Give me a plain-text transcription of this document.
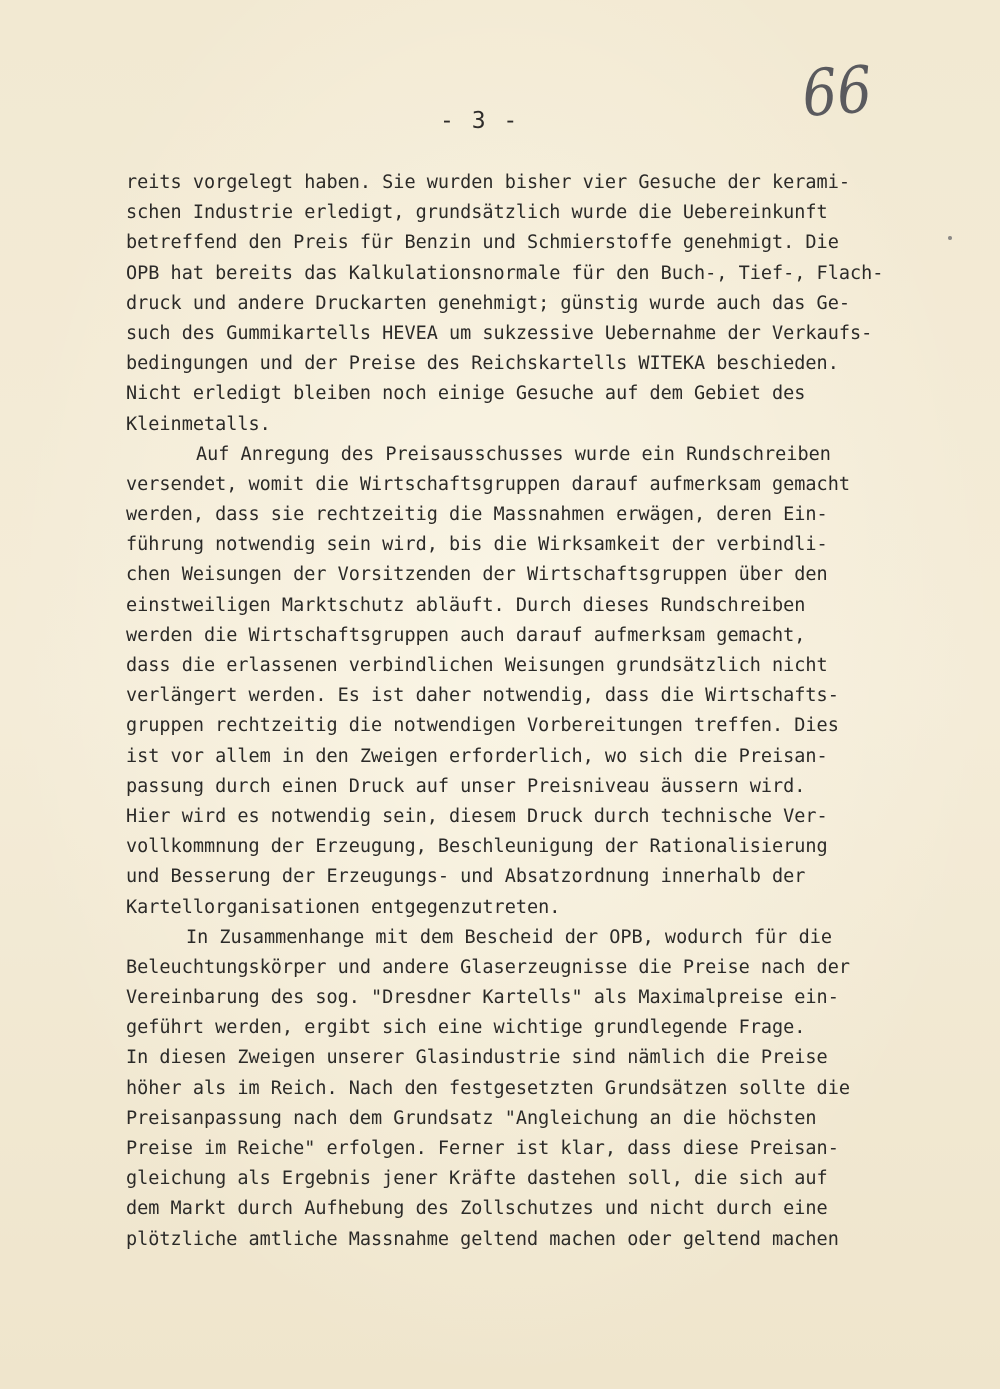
- 3 -	66
reits vorgelegt haben. Sie wurden bisher vier Gesuche der kerami-
schen Industrie erledigt, grundsätzlich wurde die Uebereinkunft
betreffend den Preis für Benzin und Schmierstoffe genehmigt. Die
OPB hat bereits das Kalkulationsnormale für den Buch-, Tief-, Flach-
druck und andere Druckarten genehmigt; günstig wurde auch das Ge-
such des Gummikartells HEVEA um sukzessive Uebernahme der Verkaufs-
bedingungen und der Preise des Reichskartells WITEKA beschieden.
Nicht erledigt bleiben noch einige Gesuche auf dem Gebiet des
Kleinmetalls.
Auf Anregung des Preisausschusses wurde ein Rundschreiben
versendet, womit die Wirtschaftsgruppen darauf aufmerksam gemacht
werden, dass sie rechtzeitig die Massnahmen erwägen, deren Ein-
führung notwendig sein wird, bis die Wirksamkeit der verbindli-
chen Weisungen der Vorsitzenden der Wirtschaftsgruppen über den
einstweiligen Marktschutz abläuft. Durch dieses Rundschreiben
werden die Wirtschaftsgruppen auch darauf aufmerksam gemacht,
dass die erlassenen verbindlichen Weisungen grundsätzlich nicht
verlängert werden. Es ist daher notwendig, dass die Wirtschafts-
gruppen rechtzeitig die notwendigen Vorbereitungen treffen. Dies
ist vor allem in den Zweigen erforderlich, wo sich die Preisan-
passung durch einen Druck auf unser Preisniveau äussern wird.
Hier wird es notwendig sein, diesem Druck durch technische Ver-
vollkommnung der Erzeugung, Beschleunigung der Rationalisierung
und Besserung der Erzeugungs- und Absatzordnung innerhalb der
Kartellorganisationen entgegenzutreten.
In Zusammenhange mit dem Bescheid der OPB, wodurch für die
Beleuchtungskörper und andere Glaserzeugnisse die Preise nach der
Vereinbarung des sog. "Dresdner Kartells" als Maximalpreise ein-
geführt werden, ergibt sich eine wichtige grundlegende Frage.
In diesen Zweigen unserer Glasindustrie sind nämlich die Preise
höher als im Reich. Nach den festgesetzten Grundsätzen sollte die
Preisanpassung nach dem Grundsatz "Angleichung an die höchsten
Preise im Reiche" erfolgen. Ferner ist klar, dass diese Preisan-
gleichung als Ergebnis jener Kräfte dastehen soll, die sich auf
dem Markt durch Aufhebung des Zollschutzes und nicht durch eine
plötzliche amtliche Massnahme geltend machen oder geltend machen
